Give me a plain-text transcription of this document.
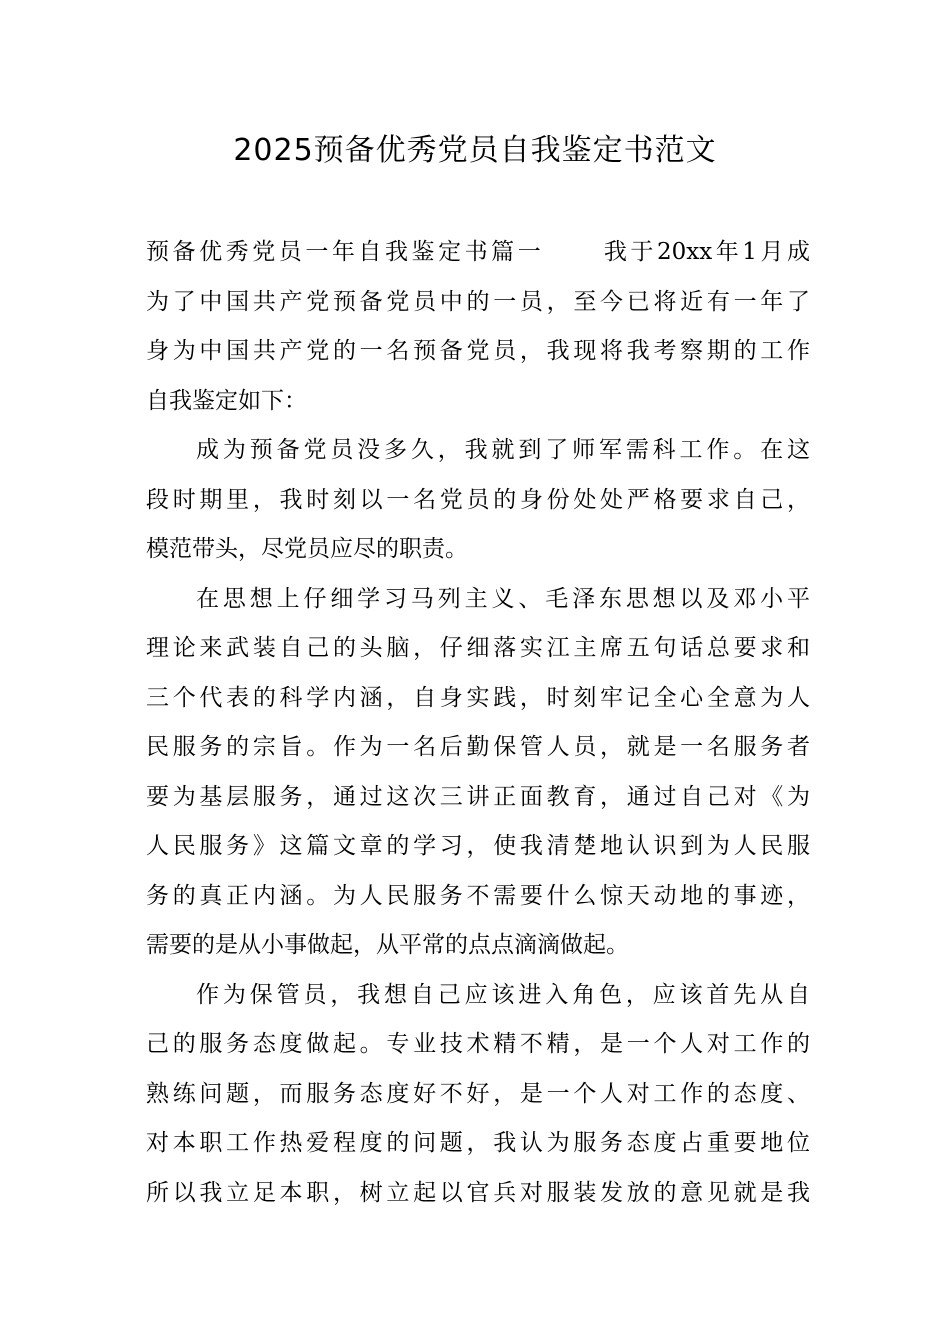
2025预备优秀党员自我鉴定书范文
预备优秀党员一年自我鉴定书篇一 我于20xx年1月成
为了中国共产党预备党员中的一员，至今已将近有一年了
身为中国共产党的一名预备党员，我现将我考察期的工作
自我鉴定如下：
成为预备党员没多久，我就到了师军需科工作。在这
段时期里，我时刻以一名党员的身份处处严格要求自己，
模范带头，尽党员应尽的职责。
在思想上仔细学习马列主义、毛泽东思想以及邓小平
理论来武装自己的头脑，仔细落实江主席五句话总要求和
三个代表的科学内涵，自身实践，时刻牢记全心全意为人
民服务的宗旨。作为一名后勤保管人员，就是一名服务者
要为基层服务，通过这次三讲正面教育，通过自己对《为
人民服务》这篇文章的学习，使我清楚地认识到为人民服
务的真正内涵。为人民服务不需要什么惊天动地的事迹，
需要的是从小事做起，从平常的点点滴滴做起。
作为保管员，我想自己应该进入角色，应该首先从自
己的服务态度做起。专业技术精不精，是一个人对工作的
熟练问题，而服务态度好不好，是一个人对工作的态度、
对本职工作热爱程度的问题，我认为服务态度占重要地位
所以我立足本职，树立起以官兵对服装发放的意见就是我
